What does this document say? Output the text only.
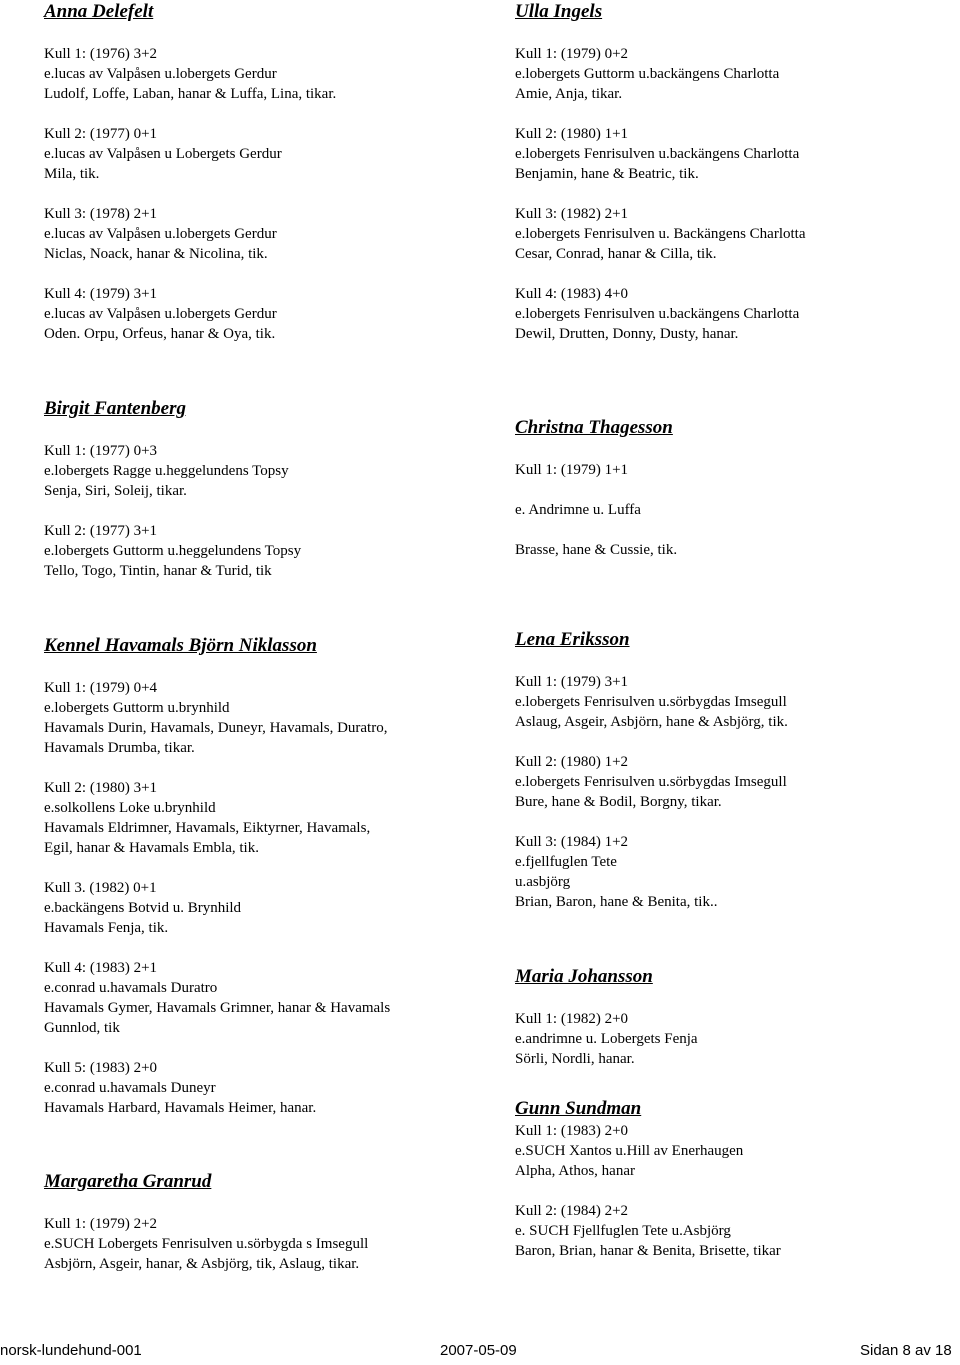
Anna Delefelt
Kull 1: (1976) 3+2
e.lucas av Valpåsen u.lobergets Gerdur
Ludolf, Loffe, Laban, hanar & Luffa, Lina, tikar.
Kull 2: (1977) 0+1
e.lucas av Valpåsen u Lobergets Gerdur
Mila, tik.
Kull 3: (1978) 2+1
e.lucas av Valpåsen u.lobergets Gerdur
Niclas, Noack, hanar & Nicolina, tik.
Kull 4: (1979) 3+1
e.lucas av Valpåsen u.lobergets Gerdur
Oden. Orpu, Orfeus, hanar & Oya, tik.
Ulla Ingels
Kull 1: (1979) 0+2
e.lobergets Guttorm u.backängens Charlotta
Amie, Anja, tikar.
Kull 2: (1980) 1+1
e.lobergets Fenrisulven u.backängens Charlotta
Benjamin, hane & Beatric, tik.
Kull 3: (1982) 2+1
e.lobergets Fenrisulven u. Backängens Charlotta
Cesar, Conrad, hanar & Cilla, tik.
Kull 4: (1983) 4+0
e.lobergets Fenrisulven u.backängens Charlotta
Dewil, Drutten, Donny, Dusty, hanar.
Birgit Fantenberg
Kull 1: (1977) 0+3
e.lobergets Ragge u.heggelundens Topsy
Senja, Siri, Soleij, tikar.
Kull 2: (1977) 3+1
e.lobergets Guttorm u.heggelundens Topsy
Tello, Togo, Tintin, hanar & Turid, tik
Christna Thagesson
Kull 1: (1979) 1+1
e. Andrimne u. Luffa
Brasse, hane & Cussie, tik.
Kennel Havamals Björn Niklasson
Kull 1: (1979) 0+4
e.lobergets Guttorm u.brynhild
Havamals Durin, Havamals, Duneyr, Havamals, Duratro,
Havamals Drumba, tikar.
Kull 2: (1980) 3+1
e.solkollens Loke u.brynhild
Havamals Eldrimner, Havamals, Eiktyrner, Havamals,
Egil, hanar & Havamals Embla, tik.
Kull 3. (1982) 0+1
e.backängens Botvid u. Brynhild
Havamals Fenja, tik.
Kull 4: (1983) 2+1
e.conrad u.havamals Duratro
Havamals Gymer, Havamals Grimner, hanar & Havamals
Gunnlod, tik
Kull 5: (1983) 2+0
e.conrad u.havamals Duneyr
Havamals Harbard, Havamals Heimer, hanar.
Margaretha Granrud
Kull 1: (1979) 2+2
e.SUCH Lobergets Fenrisulven u.sörbygda s Imsegull
Asbjörn, Asgeir, hanar, & Asbjörg, tik, Aslaug, tikar.
Lena Eriksson
Kull 1: (1979) 3+1
e.lobergets Fenrisulven u.sörbygdas Imsegull
Aslaug, Asgeir, Asbjörn, hane & Asbjörg, tik.
Kull 2: (1980) 1+2
e.lobergets Fenrisulven u.sörbygdas Imsegull
Bure, hane & Bodil, Borgny, tikar.
Kull 3: (1984) 1+2
e.fjellfuglen Tete
u.asbjörg
Brian, Baron, hane & Benita, tik..
Maria Johansson
Kull 1: (1982) 2+0
e.andrimne u. Lobergets Fenja
Sörli, Nordli, hanar.
Gunn Sundman
Kull 1: (1983) 2+0
e.SUCH Xantos u.Hill av Enerhaugen
Alpha, Athos, hanar
Kull 2: (1984) 2+2
e. SUCH Fjellfuglen Tete u.Asbjörg
Baron, Brian, hanar & Benita, Brisette, tikar
norsk-lundehund-001	2007-05-09	Sidan 8 av 18
